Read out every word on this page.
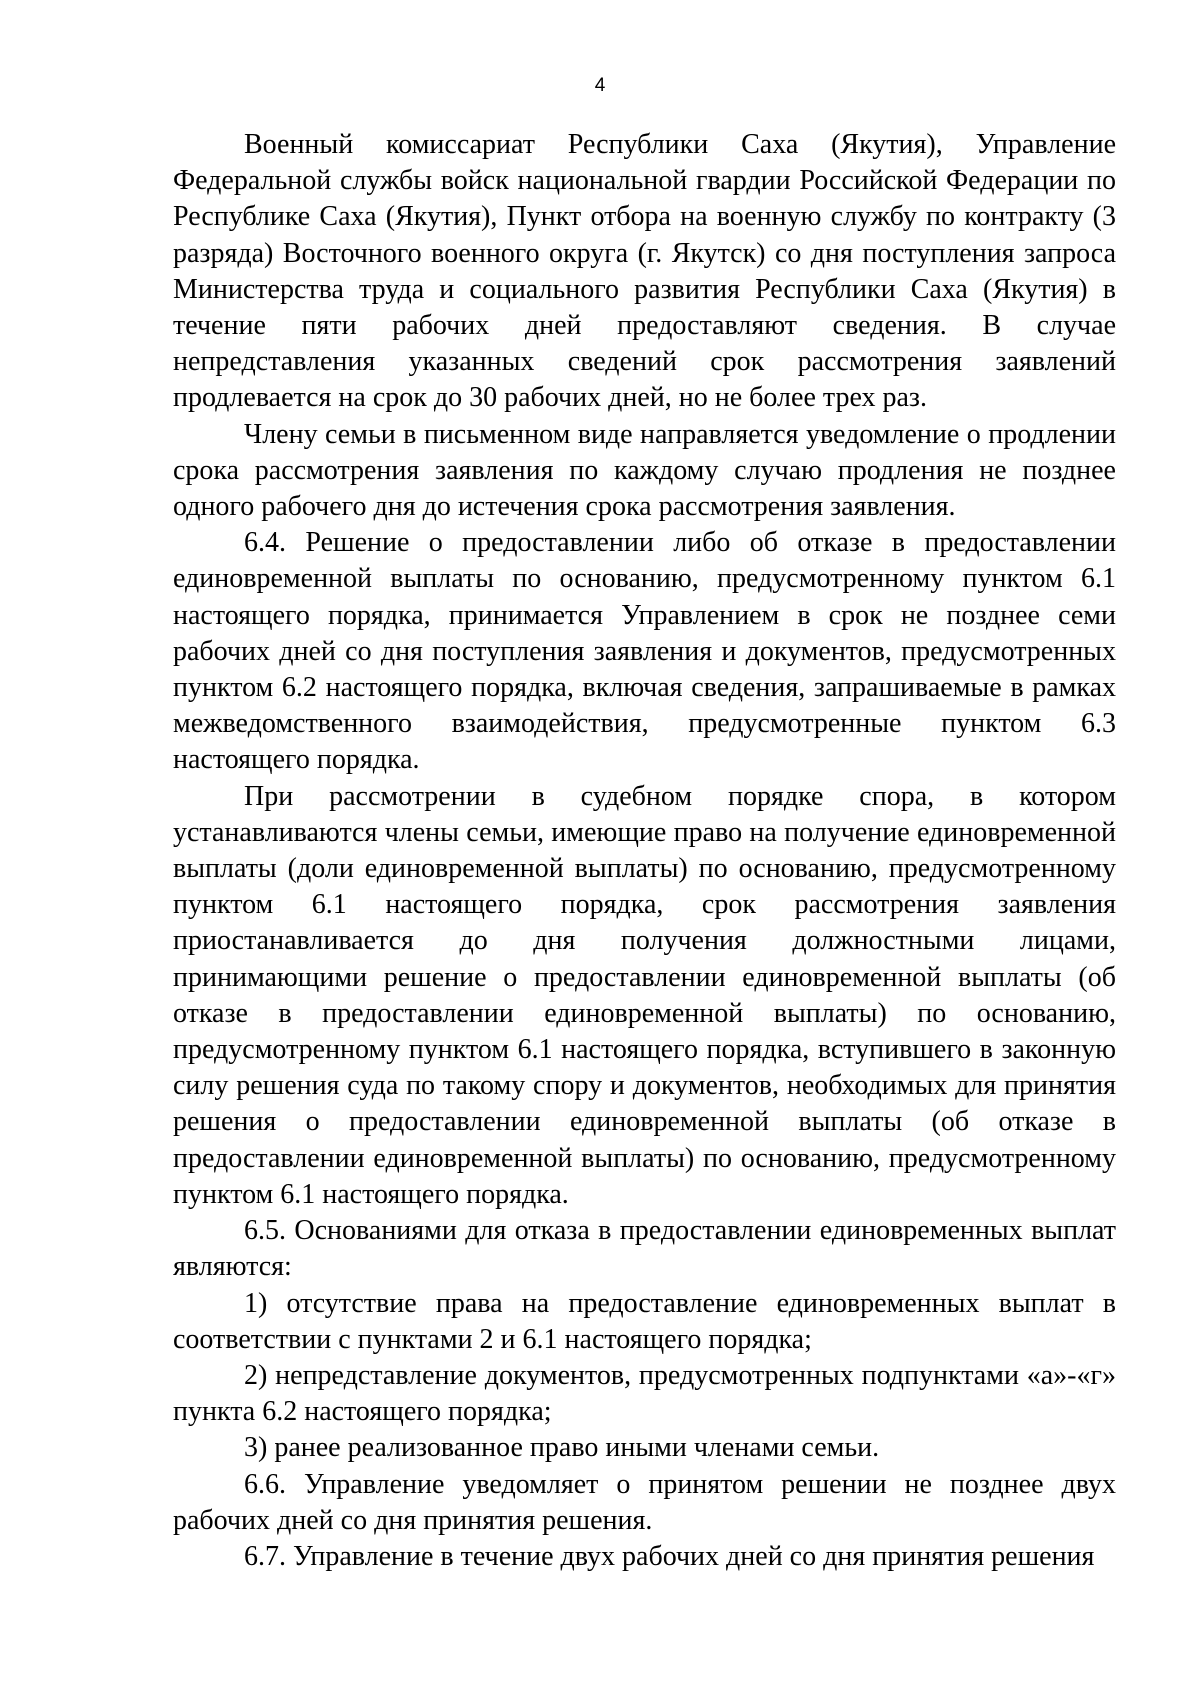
4

Военный комиссариат Республики Саха (Якутия), Управление Федеральной службы войск национальной гвардии Российской Федерации по Республике Саха (Якутия), Пункт отбора на военную службу по контракту (3 разряда) Восточного военного округа (г. Якутск) со дня поступления запроса Министерства труда и социального развития Республики Саха (Якутия) в течение пяти рабочих дней предоставляют сведения. В случае непредставления указанных сведений срок рассмотрения заявлений продлевается на срок до 30 рабочих дней, но не более трех раз.

Члену семьи в письменном виде направляется уведомление о продлении срока рассмотрения заявления по каждому случаю продления не позднее одного рабочего дня до истечения срока рассмотрения заявления.

6.4. Решение о предоставлении либо об отказе в предоставлении единовременной выплаты по основанию, предусмотренному пунктом 6.1 настоящего порядка, принимается Управлением в срок не позднее семи рабочих дней со дня поступления заявления и документов, предусмотренных пунктом 6.2 настоящего порядка, включая сведения, запрашиваемые в рамках межведомственного взаимодействия, предусмотренные пунктом 6.3 настоящего порядка.

При рассмотрении в судебном порядке спора, в котором устанавливаются члены семьи, имеющие право на получение единовременной выплаты (доли единовременной выплаты) по основанию, предусмотренному пунктом 6.1 настоящего порядка, срок рассмотрения заявления приостанавливается до дня получения должностными лицами, принимающими решение о предоставлении единовременной выплаты (об отказе в предоставлении единовременной выплаты) по основанию, предусмотренному пунктом 6.1 настоящего порядка, вступившего в законную силу решения суда по такому спору и документов, необходимых для принятия решения о предоставлении единовременной выплаты (об отказе в предоставлении единовременной выплаты) по основанию, предусмотренному пунктом 6.1 настоящего порядка.

6.5. Основаниями для отказа в предоставлении единовременных выплат являются:

1) отсутствие права на предоставление единовременных выплат в соответствии с пунктами 2 и 6.1 настоящего порядка;

2) непредставление документов, предусмотренных подпунктами «а»-«г» пункта 6.2 настоящего порядка;

3) ранее реализованное право иными членами семьи.

6.6. Управление уведомляет о принятом решении не позднее двух рабочих дней со дня принятия решения.

6.7. Управление в течение двух рабочих дней со дня принятия решения
